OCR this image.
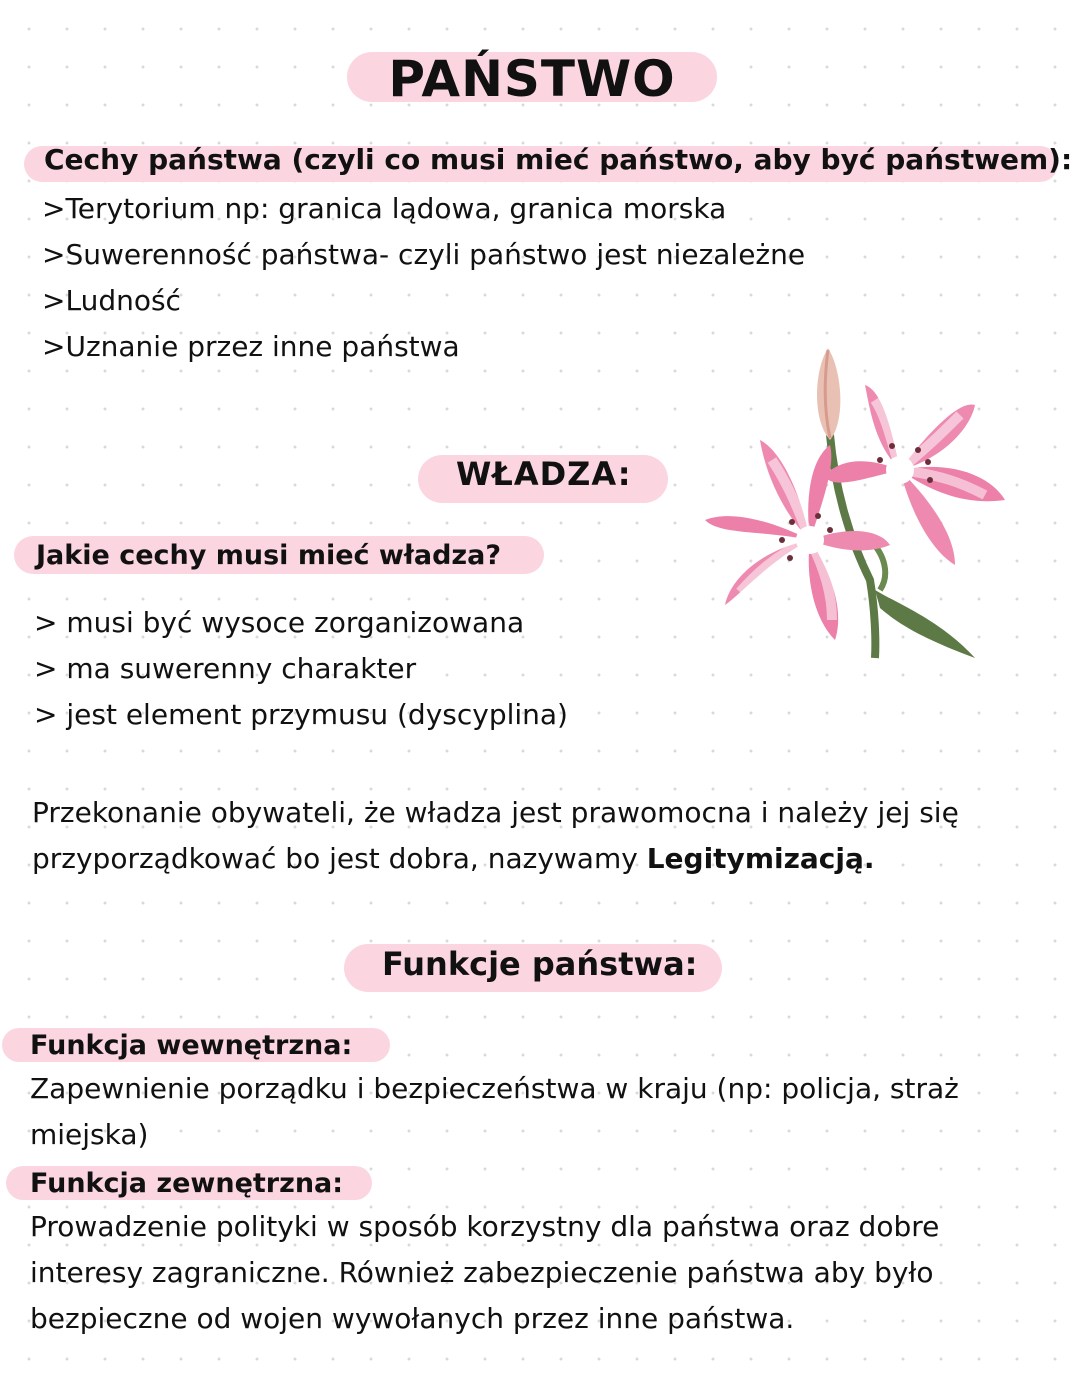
PAŃSTWO
Cechy państwa (czyli co musi mieć państwo, aby być państwem):
>Terytorium np: granica lądowa, granica morska
>Suwerenność państwa- czyli państwo jest niezależne
>Ludność
>Uznanie przez inne państwa
WŁADZA:
Jakie cechy musi mieć władza?
> musi być wysoce zorganizowana
> ma suwerenny charakter
> jest element przymusu (dyscyplina)
Przekonanie obywateli, że władza jest prawomocna i należy jej się
przyporządkować bo jest dobra, nazywamy Legitymizacją.
Funkcje państwa:
Funkcja wewnętrzna:
Zapewnienie porządku i bezpieczeństwa w kraju (np: policja, straż
miejska)
Funkcja zewnętrzna:
Prowadzenie polityki w sposób korzystny dla państwa oraz dobre
interesy zagraniczne. Również zabezpieczenie państwa aby było
bezpieczne od wojen wywołanych przez inne państwa.
